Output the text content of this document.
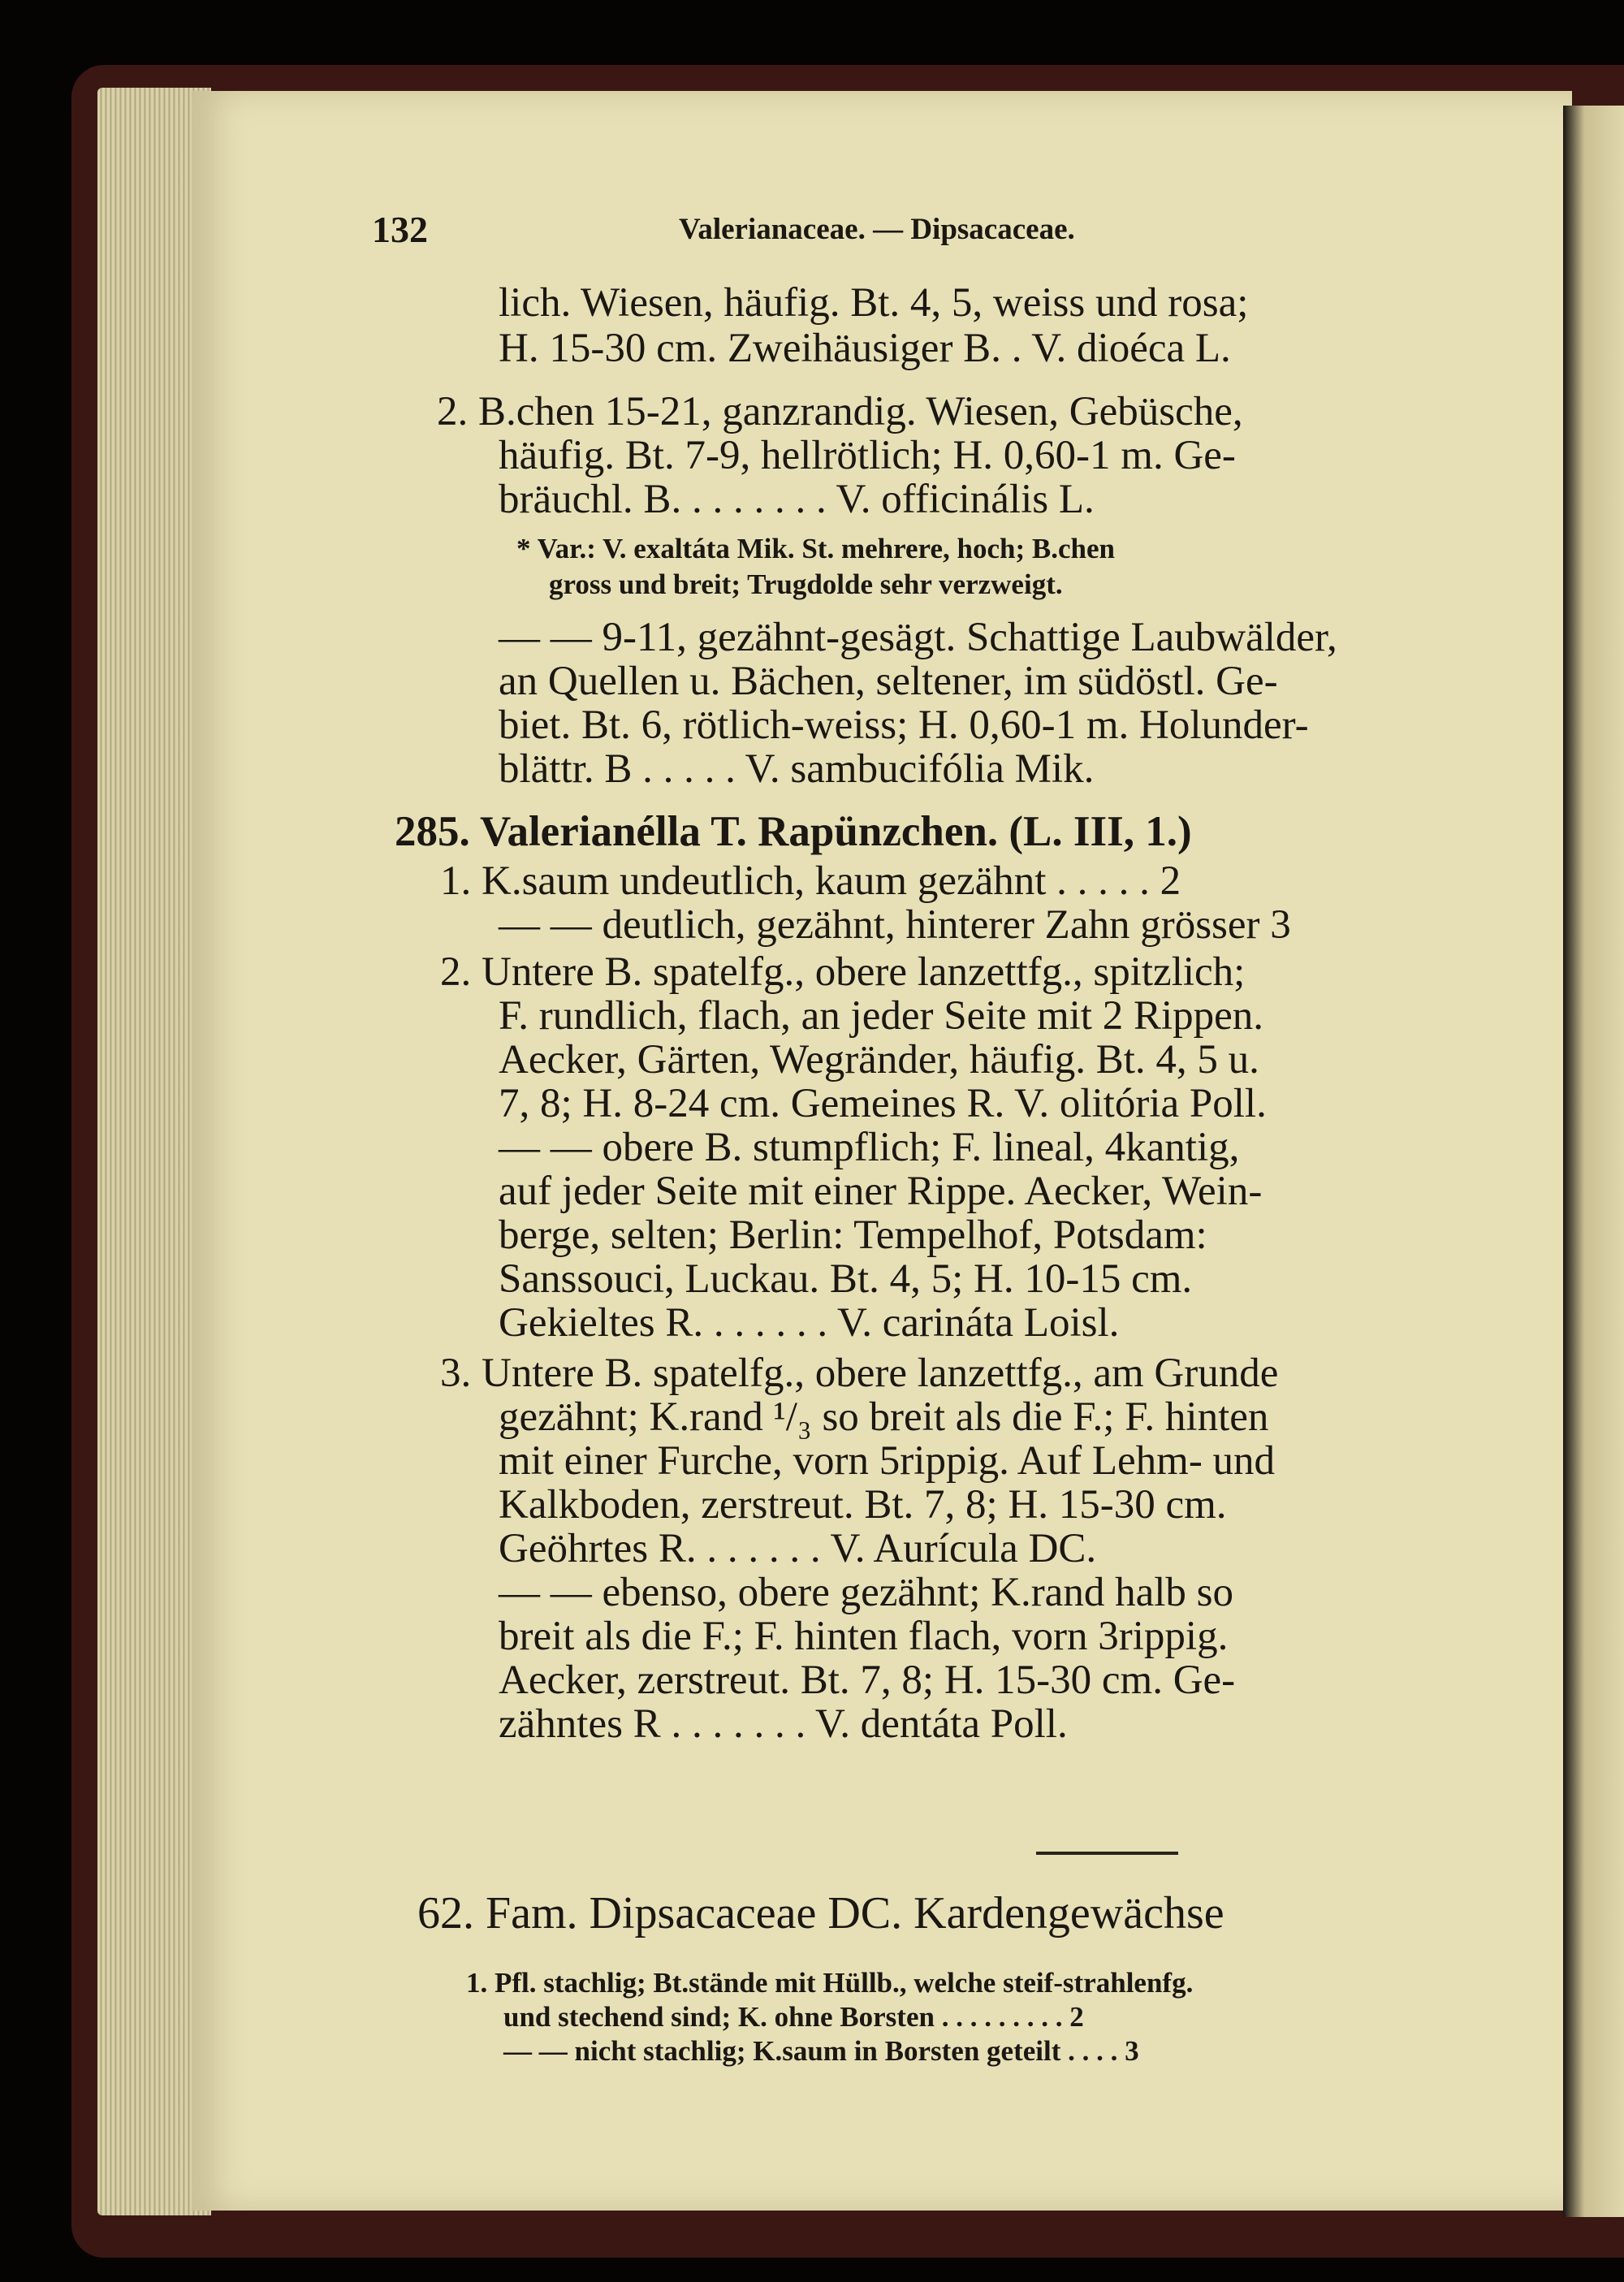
132	Valerianaceae. — Dipsacaceae.
lich. Wiesen, häufig. Bt. 4, 5, weiss und rosa;
H. 15-30 cm. Zweihäusiger B. . V. dioéca L.
2. B.chen 15-21, ganzrandig. Wiesen, Gebüsche,
häufig. Bt. 7-9, hellrötlich; H. 0,60-1 m. Ge-
bräuchl. B. . . . . . . . V. officinális L.
* Var.: V. exaltáta Mik. St. mehrere, hoch; B.chen
gross und breit; Trugdolde sehr verzweigt.
— — 9-11, gezähnt-gesägt. Schattige Laubwälder,
an Quellen u. Bächen, seltener, im südöstl. Ge-
biet. Bt. 6, rötlich-weiss; H. 0,60-1 m. Holunder-
blättr. B . . . . . V. sambucifólia Mik.
285. Valerianélla T. Rapünzchen. (L. III, 1.)
1. K.saum undeutlich, kaum gezähnt . . . . . 2
— — deutlich, gezähnt, hinterer Zahn grösser 3
2. Untere B. spatelfg., obere lanzettfg., spitzlich;
F. rundlich, flach, an jeder Seite mit 2 Rippen.
Aecker, Gärten, Wegränder, häufig. Bt. 4, 5 u.
7, 8; H. 8-24 cm. Gemeines R. V. olitória Poll.
— — obere B. stumpflich; F. lineal, 4kantig,
auf jeder Seite mit einer Rippe. Aecker, Wein-
berge, selten; Berlin: Tempelhof, Potsdam:
Sanssouci, Luckau. Bt. 4, 5; H. 10-15 cm.
Gekieltes R. . . . . . . V. carináta Loisl.
3. Untere B. spatelfg., obere lanzettfg., am Grunde
gezähnt; K.rand ¹/₃ so breit als die F.; F. hinten
mit einer Furche, vorn 5rippig. Auf Lehm- und
Kalkboden, zerstreut. Bt. 7, 8; H. 15-30 cm.
Geöhrtes R. . . . . . . V. Aurícula DC.
— — ebenso, obere gezähnt; K.rand halb so
breit als die F.; F. hinten flach, vorn 3rippig.
Aecker, zerstreut. Bt. 7, 8; H. 15-30 cm. Ge-
zähntes R . . . . . . . V. dentáta Poll.
62. Fam. Dipsacaceae DC. Kardengewächse
1. Pfl. stachlig; Bt.stände mit Hüllb., welche steif-strahlenfg.
und stechend sind; K. ohne Borsten . . . . . . . . . 2
— — nicht stachlig; K.saum in Borsten geteilt . . . . 3
